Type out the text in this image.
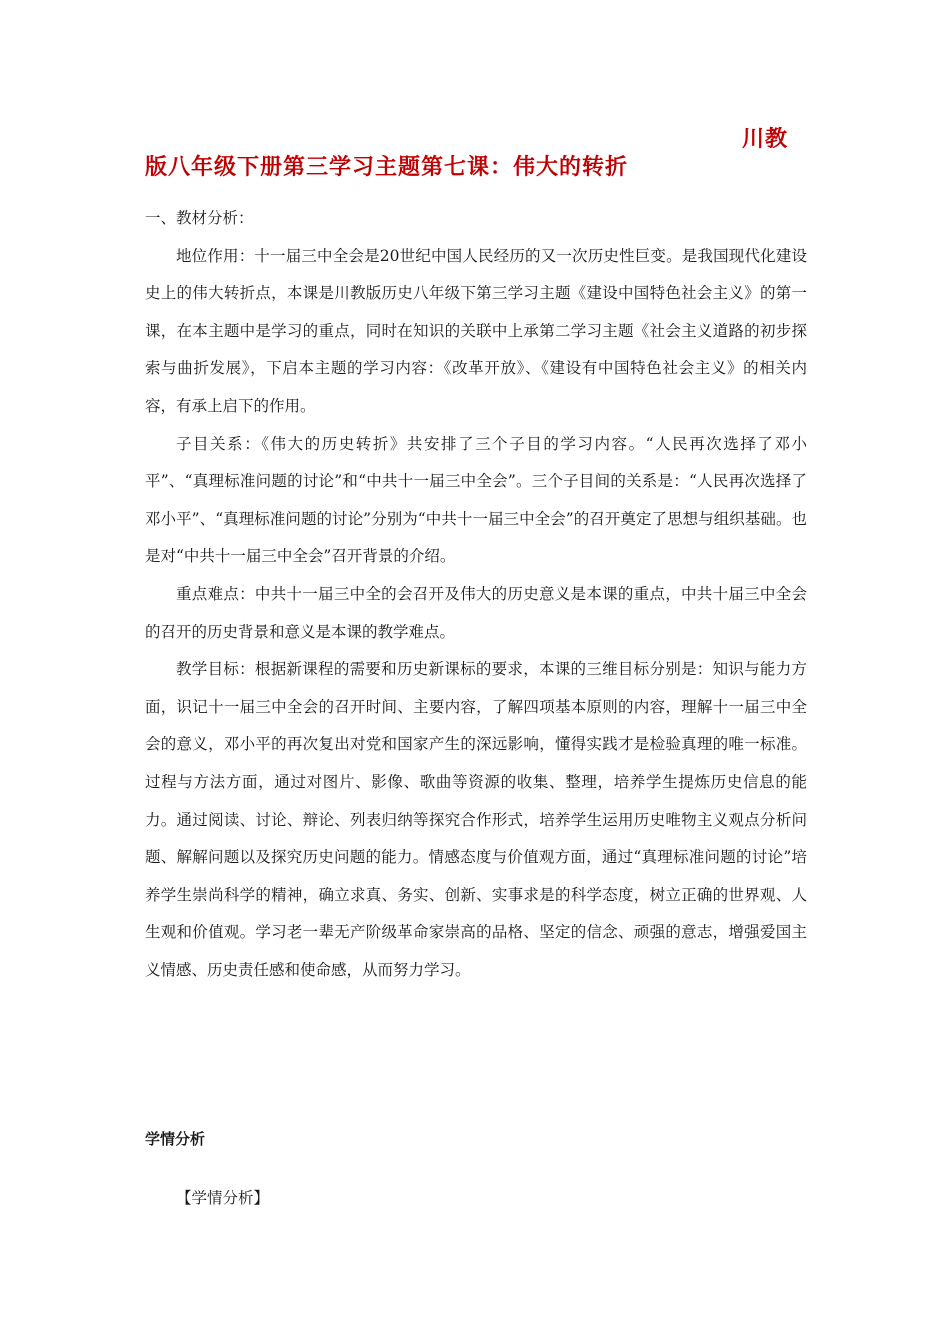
川教
版八年级下册第三学习主题第七课：伟大的转折

一、教材分析：

地位作用：十一届三中全会是20世纪中国人民经历的又一次历史性巨变。是我国现代化建设史上的伟大转折点，本课是川教版历史八年级下第三学习主题《建设中国特色社会主义》的第一课，在本主题中是学习的重点，同时在知识的关联中上承第二学习主题《社会主义道路的初步探索与曲折发展》，下启本主题的学习内容：《改革开放》、《建设有中国特色社会主义》的相关内容，有承上启下的作用。

子目关系：《伟大的历史转折》共安排了三个子目的学习内容。“人民再次选择了邓小平”、“真理标准问题的讨论”和“中共十一届三中全会”。三个子目间的关系是：“人民再次选择了邓小平”、“真理标准问题的讨论”分别为“中共十一届三中全会”的召开奠定了思想与组织基础。也是对“中共十一届三中全会”召开背景的介绍。

重点难点：中共十一届三中全的会召开及伟大的历史意义是本课的重点，中共十届三中全会的召开的历史背景和意义是本课的教学难点。

教学目标：根据新课程的需要和历史新课标的要求，本课的三维目标分别是：知识与能力方面，识记十一届三中全会的召开时间、主要内容，了解四项基本原则的内容，理解十一届三中全会的意义，邓小平的再次复出对党和国家产生的深远影响，懂得实践才是检验真理的唯一标准。过程与方法方面，通过对图片、影像、歌曲等资源的收集、整理，培养学生提炼历史信息的能力。通过阅读、讨论、辩论、列表归纳等探究合作形式，培养学生运用历史唯物主义观点分析问题、解解问题以及探究历史问题的能力。情感态度与价值观方面，通过“真理标准问题的讨论”培养学生崇尚科学的精神，确立求真、务实、创新、实事求是的科学态度，树立正确的世界观、人生观和价值观。学习老一辈无产阶级革命家崇高的品格、坚定的信念、顽强的意志，增强爱国主义情感、历史责任感和使命感，从而努力学习。

学情分析
【学情分析】
